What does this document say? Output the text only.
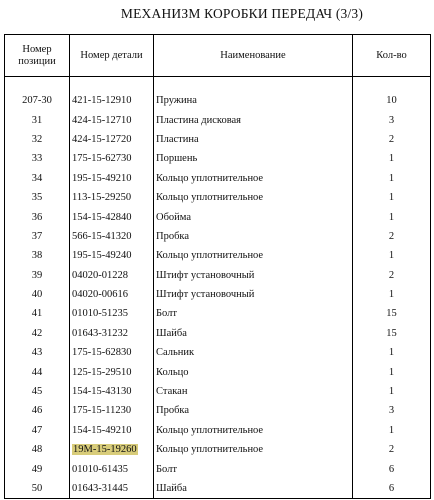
МЕХАНИЗМ КОРОБКИ ПЕРЕДАЧ (3/3)
Номер
позиции	Номер детали	Наименование	Кол-во

207-30	421-15-12910	Пружина	10
31	424-15-12710	Пластина дисковая	3
32	424-15-12720	Пластина	2
33	175-15-62730	Поршень	1
34	195-15-49210	Кольцо уплотнительное	1
35	113-15-29250	Кольцо уплотнительное	1
36	154-15-42840	Обойма	1
37	566-15-41320	Пробка	2
38	195-15-49240	Кольцо уплотнительное	1
39	04020-01228	Штифт установочный	2
40	04020-00616	Штифт установочный	1
41	01010-51235	Болт	15
42	01643-31232	Шайба	15
43	175-15-62830	Сальник	1
44	125-15-29510	Кольцо	1
45	154-15-43130	Стакан	1
46	175-15-11230	Пробка	3
47	154-15-49210	Кольцо уплотнительное	1
48	19M-15-19260	Кольцо уплотнительное	2
49	01010-61435	Болт	6
50	01643-31445	Шайба	6
